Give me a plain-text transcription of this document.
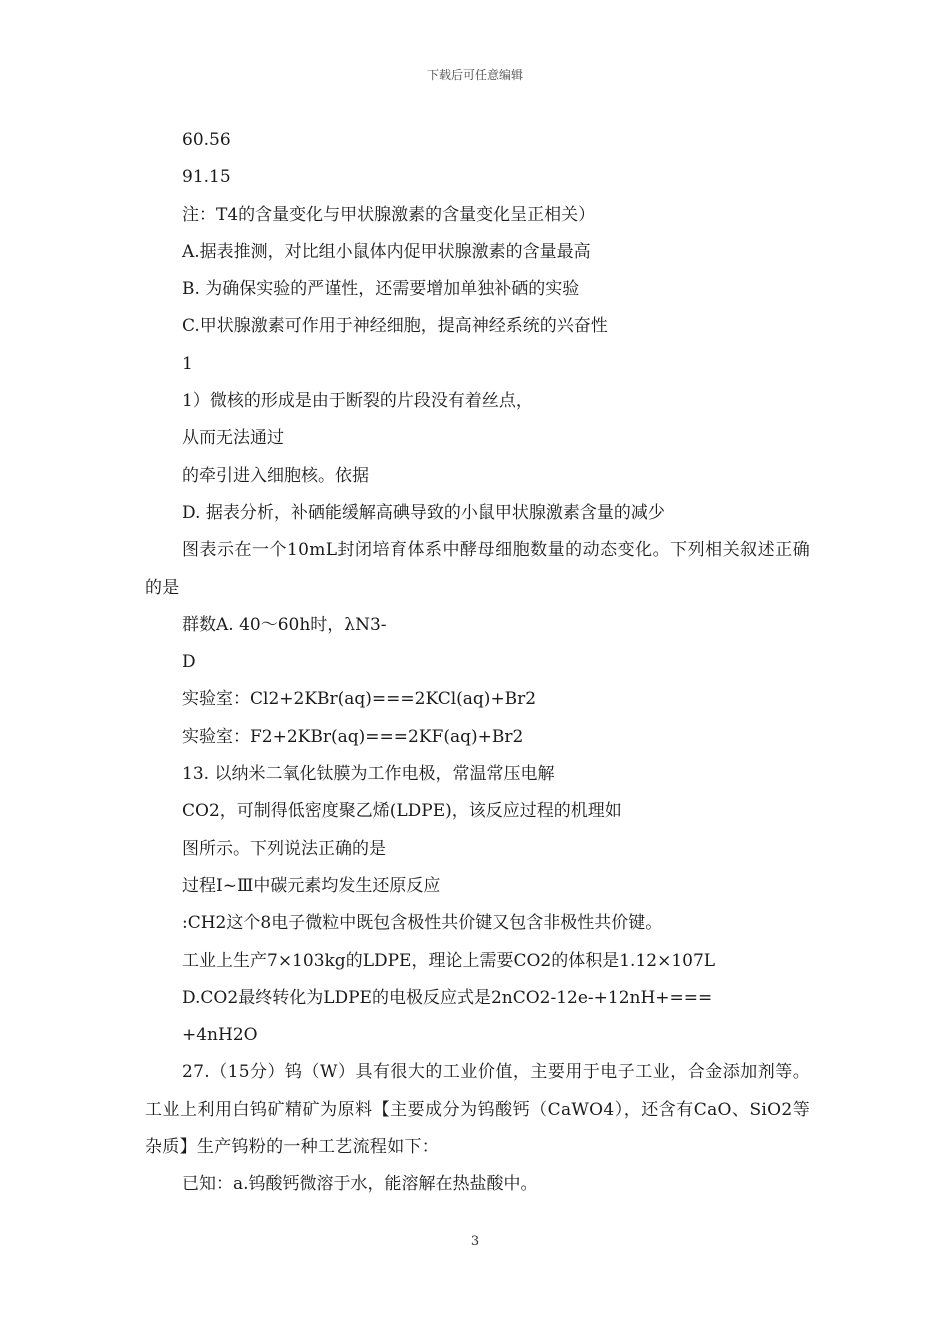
下载后可任意编辑

60.56

91.15

注：T4的含量变化与甲状腺激素的含量变化呈正相关）

A.据表推测，对比组小鼠体内促甲状腺激素的含量最高

B. 为确保实验的严谨性，还需要增加单独补硒的实验

C.甲状腺激素可作用于神经细胞，提高神经系统的兴奋性

1

1）微核的形成是由于断裂的片段没有着丝点，

从而无法通过

的牵引进入细胞核。依据

D. 据表分析，补硒能缓解高碘导致的小鼠甲状腺激素含量的减少

图表示在一个10mL封闭培育体系中酵母细胞数量的动态变化。下列相关叙述正确的是

群数A. 40～60h时，λN3-

D

实验室：Cl2+2KBr(aq)===2KCl(aq)+Br2

实验室：F2+2KBr(aq)===2KF(aq)+Br2

13. 以纳米二氧化钛膜为工作电极，常温常压电解

CO2，可制得低密度聚乙烯(LDPE)，该反应过程的机理如

图所示。下列说法正确的是

过程Ⅰ~Ⅲ中碳元素均发生还原反应

:CH2这个8电子微粒中既包含极性共价键又包含非极性共价键。

工业上生产7×103kg的LDPE，理论上需要CO2的体积是1.12×107L

D.CO2最终转化为LDPE的电极反应式是2nCO2-12e-+12nH+===

+4nH2O

27.（15分）钨（W）具有很大的工业价值，主要用于电子工业，合金添加剂等。工业上利用白钨矿精矿为原料【主要成分为钨酸钙（CaWO4），还含有CaO、SiO2等杂质】生产钨粉的一种工艺流程如下：

已知：a.钨酸钙微溶于水，能溶解在热盐酸中。

3
